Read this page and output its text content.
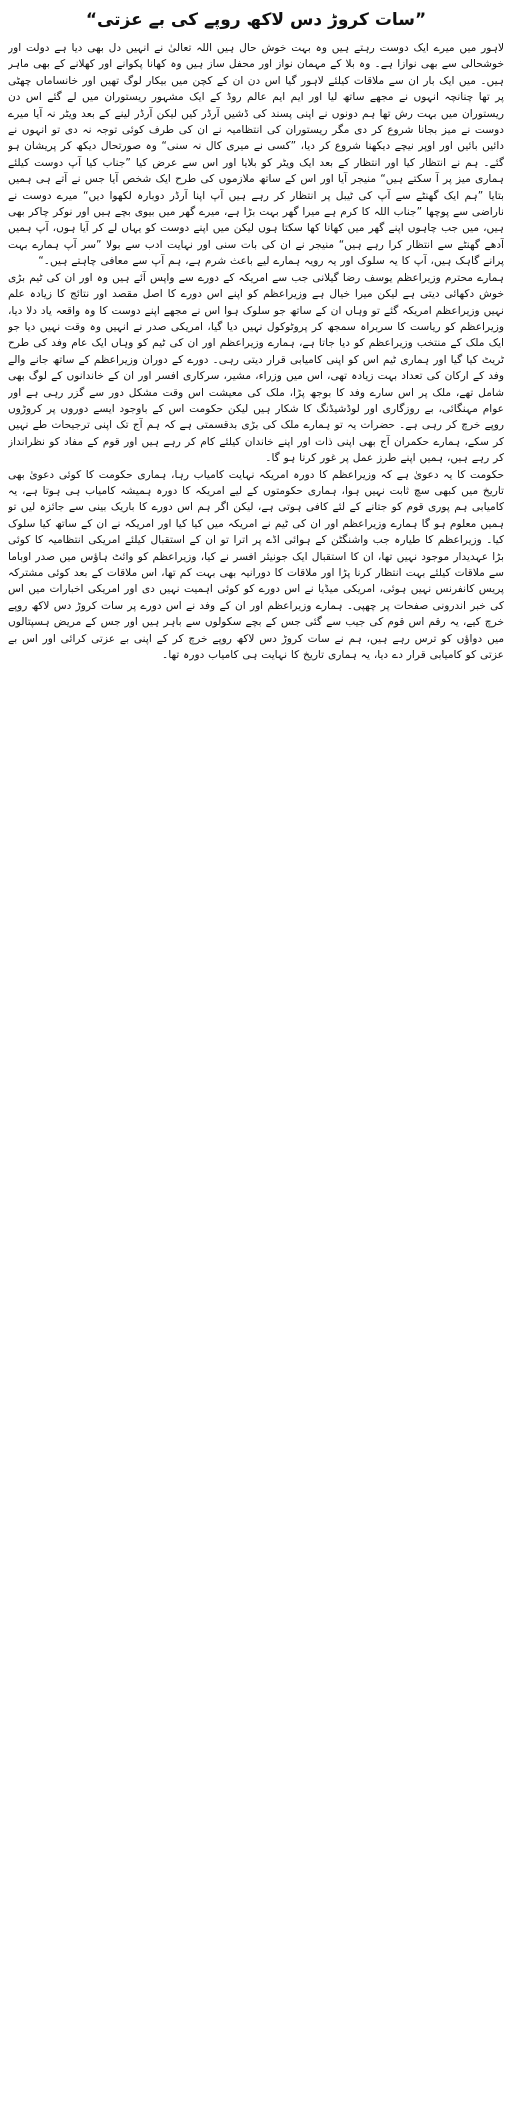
”سات کروڑ دس لاکھ روپے کی بے عزتی“

لاہور میں میرے ایک دوست رہتے ہیں وہ بہت خوش حال ہیں اللہ تعالیٰ نے انہیں دل بھی دیا ہے دولت اور خوشحالی سے بھی نوازا ہے۔ وہ بلا کے مہمان نواز اور محفل ساز ہیں وہ کھانا پکوانے اور کھلانے کے بھی ماہر ہیں۔ میں ایک بار ان سے ملاقات کیلئے لاہور گیا اس دن ان کے کچن میں بیکار لوگ تھیں اور خانساماں چھٹی پر تھا چنانچہ انہوں نے مجھے ساتھ لیا اور ایم ایم عالم روڈ کے ایک مشہور ریستوران میں لے گئے اس دن ریستوران میں بہت رش تھا ہم دونوں نے اپنی پسند کی ڈشیں آرڈر کیں لیکن آرڈر لینے کے بعد ویٹر نہ آیا میرے دوست نے میز بجانا شروع کر دی مگر ریستوران کی انتظامیہ نے ان کی طرف کوئی توجہ نہ دی تو انہوں نے دائیں بائیں اور اوپر نیچے دیکھنا شروع کر دیا، ”کسی نے میری کال نہ سنی“ وہ صورتحال دیکھ کر پریشان ہو گئے۔ ہم نے انتظار کیا اور انتظار کے بعد ایک ویٹر کو بلایا اور اس سے عرض کیا ”جناب کیا آپ دوست کیلئے ہماری میز پر آ سکتے ہیں“ منیجر آیا اور اس کے ساتھ ملازموں کی طرح ایک شخص آیا جس نے آتے ہی ہمیں بتایا ”ہم ایک گھنٹے سے آپ کی ٹیبل پر انتظار کر رہے ہیں آپ اپنا آرڈر دوبارہ لکھوا دیں“ میرے دوست نے ناراضی سے پوچھا ”جناب اللہ کا کرم ہے میرا گھر بہت بڑا ہے، میرے گھر میں بیوی بچے ہیں اور نوکر چاکر بھی ہیں، میں جب چاہوں اپنے گھر میں کھانا کھا سکتا ہوں لیکن میں اپنے دوست کو یہاں لے کر آیا ہوں، آپ ہمیں آدھے گھنٹے سے انتظار کرا رہے ہیں“ منیجر نے ان کی بات سنی اور نہایت ادب سے بولا ”سر آپ ہمارے بہت پرانے گاہک ہیں، آپ کا یہ سلوک اور یہ رویہ ہمارے لیے باعث شرم ہے، ہم آپ سے معافی چاہتے ہیں۔“

ہمارے محترم وزیراعظم یوسف رضا گیلانی جب سے امریکہ کے دورے سے واپس آئے ہیں وہ اور ان کی ٹیم بڑی خوش دکھائی دیتی ہے لیکن میرا خیال ہے وزیراعظم کو اپنے اس دورے کا اصل مقصد اور نتائج کا زیادہ علم نہیں وزیراعظم امریکہ گئے تو وہاں ان کے ساتھ جو سلوک ہوا اس نے مجھے اپنے دوست کا وہ واقعہ یاد دلا دیا، وزیراعظم کو ریاست کا سربراہ سمجھ کر پروٹوکول نہیں دیا گیا، امریکی صدر نے انہیں وہ وقت نہیں دیا جو ایک ملک کے منتخب وزیراعظم کو دیا جاتا ہے، ہمارے وزیراعظم اور ان کی ٹیم کو وہاں ایک عام وفد کی طرح ٹریٹ کیا گیا اور ہماری ٹیم اس کو اپنی کامیابی قرار دیتی رہی۔ دورے کے دوران وزیراعظم کے ساتھ جانے والے وفد کے ارکان کی تعداد بہت زیادہ تھی، اس میں وزراء، مشیر، سرکاری افسر اور ان کے خاندانوں کے لوگ بھی شامل تھے، ملک پر اس سارے وفد کا بوجھ پڑا، ملک کی معیشت اس وقت مشکل دور سے گزر رہی ہے اور عوام مہنگائی، بے روزگاری اور لوڈشیڈنگ کا شکار ہیں لیکن حکومت اس کے باوجود ایسے دوروں پر کروڑوں روپے خرچ کر رہی ہے۔ حضرات یہ تو ہمارے ملک کی بڑی بدقسمتی ہے کہ ہم آج تک اپنی ترجیحات طے نہیں کر سکے، ہمارے حکمران آج بھی اپنی ذات اور اپنے خاندان کیلئے کام کر رہے ہیں اور قوم کے مفاد کو نظرانداز کر رہے ہیں، ہمیں اپنے طرز عمل پر غور کرنا ہو گا۔

حکومت کا یہ دعویٰ ہے کہ وزیراعظم کا دورہ امریکہ نہایت کامیاب رہا، ہماری حکومت کا کوئی دعویٰ بھی تاریخ میں کبھی سچ ثابت نہیں ہوا، ہماری حکومتوں کے لیے امریکہ کا دورہ ہمیشہ کامیاب ہی ہوتا ہے، یہ کامیابی ہم پوری قوم کو جتانے کے لئے کافی ہوتی ہے، لیکن اگر ہم اس دورے کا باریک بینی سے جائزہ لیں تو ہمیں معلوم ہو گا ہمارے وزیراعظم اور ان کی ٹیم نے امریکہ میں کیا کیا اور امریکہ نے ان کے ساتھ کیا سلوک کیا۔ وزیراعظم کا طیارہ جب واشنگٹن کے ہوائی اڈے پر اترا تو ان کے استقبال کیلئے امریکی انتظامیہ کا کوئی بڑا عہدیدار موجود نہیں تھا، ان کا استقبال ایک جونیئر افسر نے کیا، وزیراعظم کو وائٹ ہاؤس میں صدر اوباما سے ملاقات کیلئے بہت انتظار کرنا پڑا اور ملاقات کا دورانیہ بھی بہت کم تھا، اس ملاقات کے بعد کوئی مشترکہ پریس کانفرنس نہیں ہوئی، امریکی میڈیا نے اس دورے کو کوئی اہمیت نہیں دی اور امریکی اخبارات میں اس کی خبر اندرونی صفحات پر چھپی۔ ہمارے وزیراعظم اور ان کے وفد نے اس دورے پر سات کروڑ دس لاکھ روپے خرچ کیے، یہ رقم اس قوم کی جیب سے گئی جس کے بچے سکولوں سے باہر ہیں اور جس کے مریض ہسپتالوں میں دواؤں کو ترس رہے ہیں، ہم نے سات کروڑ دس لاکھ روپے خرچ کر کے اپنی بے عزتی کرائی اور اس بے عزتی کو کامیابی قرار دے دیا، یہ ہماری تاریخ کا نہایت ہی کامیاب دورہ تھا۔
